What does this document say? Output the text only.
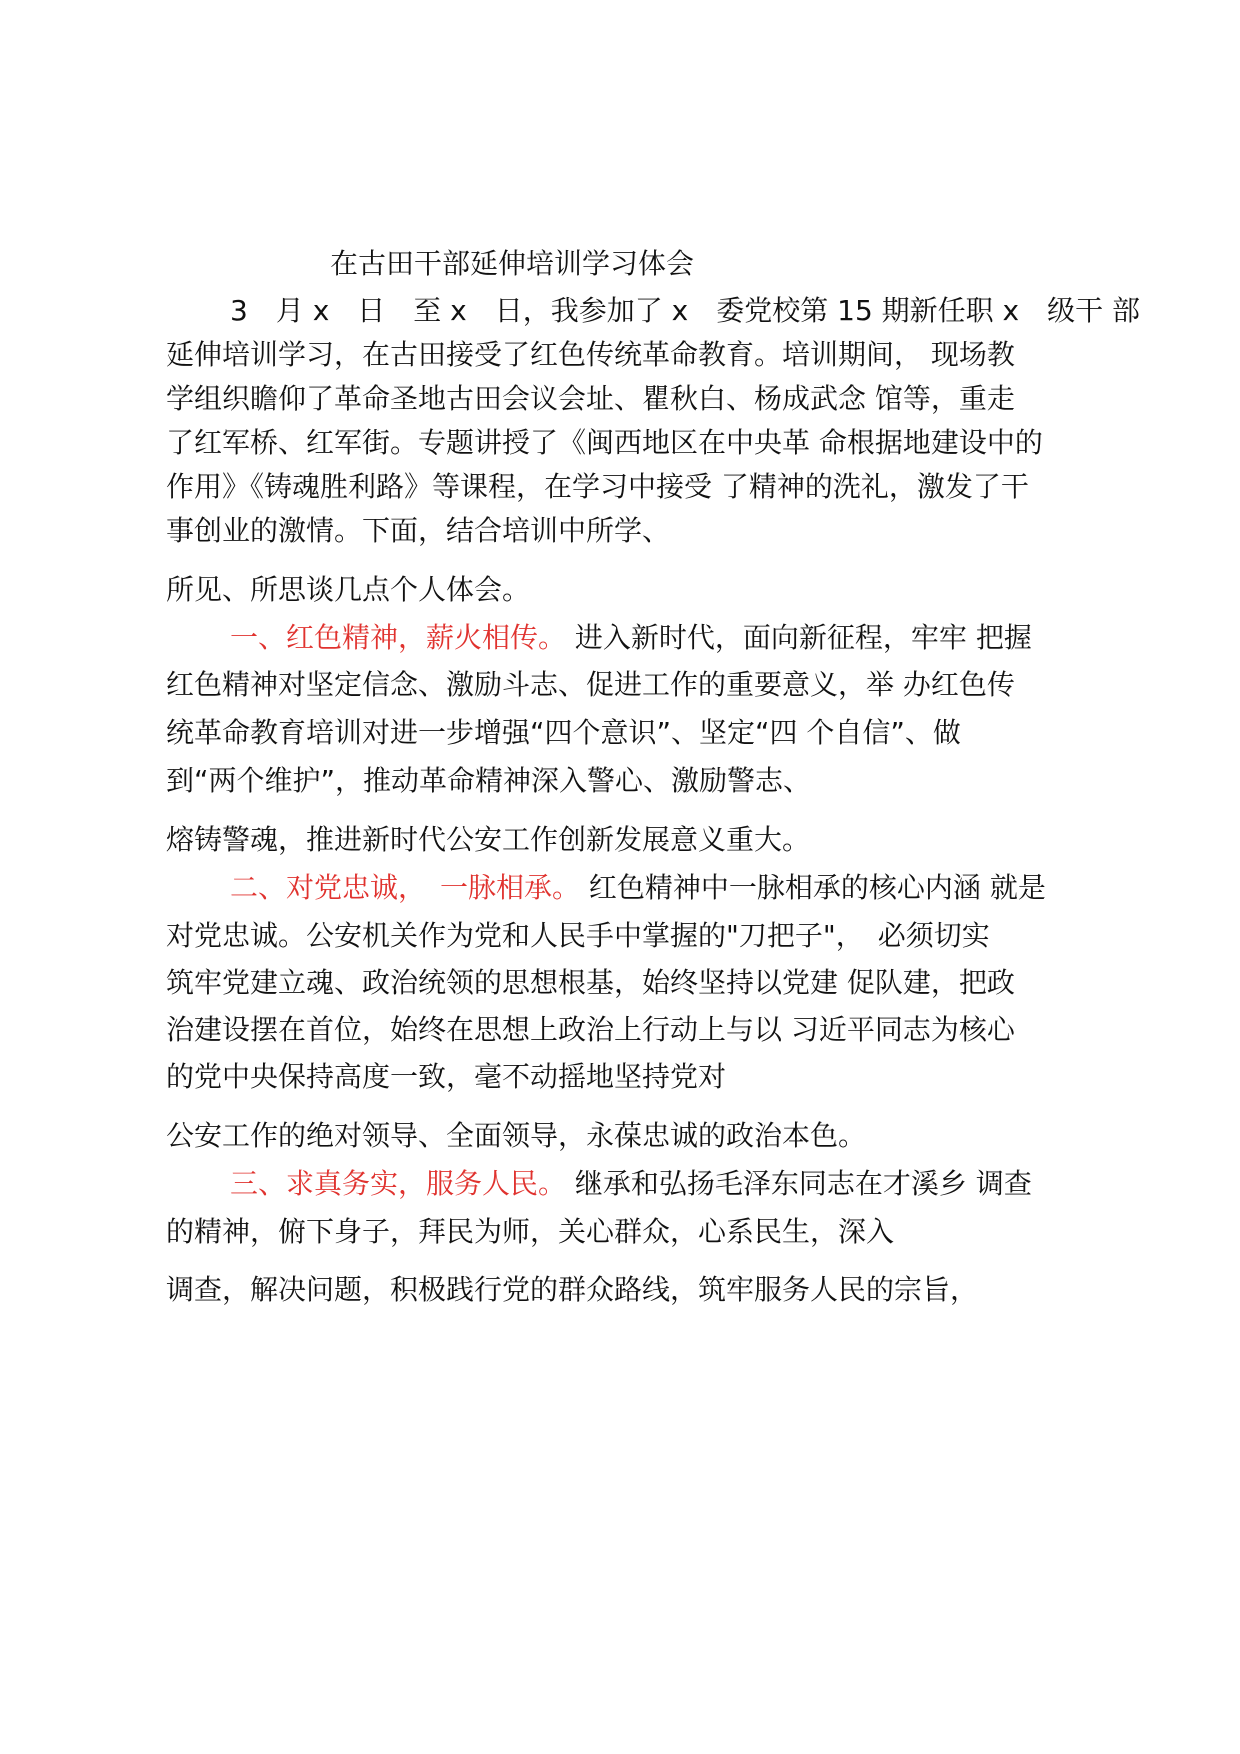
在古田干部延伸培训学习体会
3　月 x　日　至 x　日，我参加了 x　委党校第 15 期新任职 x　级干 部
延伸培训学习，在古田接受了红色传统革命教育。培训期间， 现场教
学组织瞻仰了革命圣地古田会议会址、瞿秋白、杨成武念 馆等，重走
了红军桥、红军街。专题讲授了《闽西地区在中央革 命根据地建设中的
作用》《铸魂胜利路》等课程，在学习中接受 了精神的洗礼，激发了干
事创业的激情。下面，结合培训中所学、
所见、所思谈几点个人体会。
一、红色精神，薪火相传。 进入新时代，面向新征程，牢牢 把握
红色精神对坚定信念、激励斗志、促进工作的重要意义，举 办红色传
统革命教育培训对进一步增强“四个意识”、坚定“四 个自信”、做
到“两个维护”，推动革命精神深入警心、激励警志、
熔铸警魂，推进新时代公安工作创新发展意义重大。
二、对党忠诚，　一脉相承。 红色精神中一脉相承的核心内涵 就是
对党忠诚。公安机关作为党和人民手中掌握的"刀把子"，　必须切实
筑牢党建立魂、政治统领的思想根基，始终坚持以党建 促队建，把政
治建设摆在首位，始终在思想上政治上行动上与以 习近平同志为核心
的党中央保持高度一致，毫不动摇地坚持党对
公安工作的绝对领导、全面领导，永葆忠诚的政治本色。
三、求真务实，服务人民。 继承和弘扬毛泽东同志在才溪乡 调查
的精神，俯下身子，拜民为师，关心群众，心系民生，深入
调查，解决问题，积极践行党的群众路线，筑牢服务人民的宗旨，
